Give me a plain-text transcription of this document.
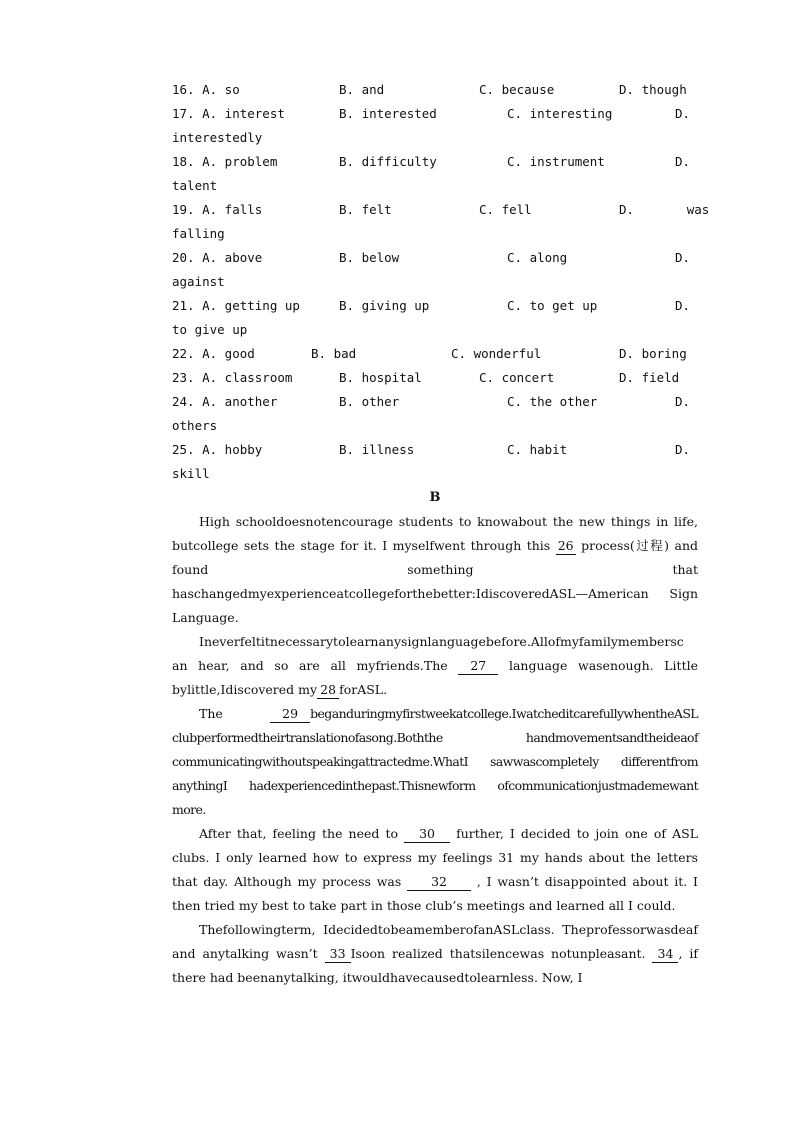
16. A. so	B. and	C. because	D. though
17. A. interest	B. interested	C. interesting	D.
interestedly
18. A. problem	B. difficulty	C. instrument	D.
talent
19. A. falls	B. felt	C. fell	D.       was
falling
20. A. above	B. below	C. along	D.
against
21. A. getting up	B. giving up	C. to get up	D.
to give up
22. A. good	B. bad	C. wonderful	D. boring
23. A. classroom	B. hospital	C. concert	D. field
24. A. another	B. other	C. the other	D.
others
25. A. hobby	B. illness	C. habit	D.
skill
B

High schooldoesnotencourage students to knowabout the new things in life, butcollege sets the stage for it. I myselfwent through this 26 process(过程) and found something that haschangedmyexperienceatcollegeforthebetter:IdiscoveredASL—American Sign Language.

Ineverfeltitnecessarytolearnanysignlanguagebefore.Allofmyfamilymembersc an hear, and so are all myfriends.The 27 language wasenough. Little bylittle,Idiscovered my 28 forASL.

The 29 beganduringmyfirstweekatcollege.IwatcheditcarefullywhentheASL clubperformedtheirtranslationofasong.Boththe handmovementsandtheideaof communicatingwithoutspeakingattractedme.WhatI sawwascompletely differentfrom anythingI hadexperiencedinthepast.Thisnewform ofcommunicationjustmademewant more.

After that, feeling the need to 30 further, I decided to join one of ASL clubs. I only learned how to express my feelings 31 my hands about the letters that day. Although my process was 32 , I wasn’t disappointed about it. I then tried my best to take part in those club’s meetings and learned all I could.

Thefollowingterm, IdecidedtobeamemberofanASLclass. Theprofessorwasdeaf and anytalking wasn’t 33 Isoon realized thatsilencewas notunpleasant. 34 , if there had beenanytalking, itwouldhavecausedtolearnless. Now, I
